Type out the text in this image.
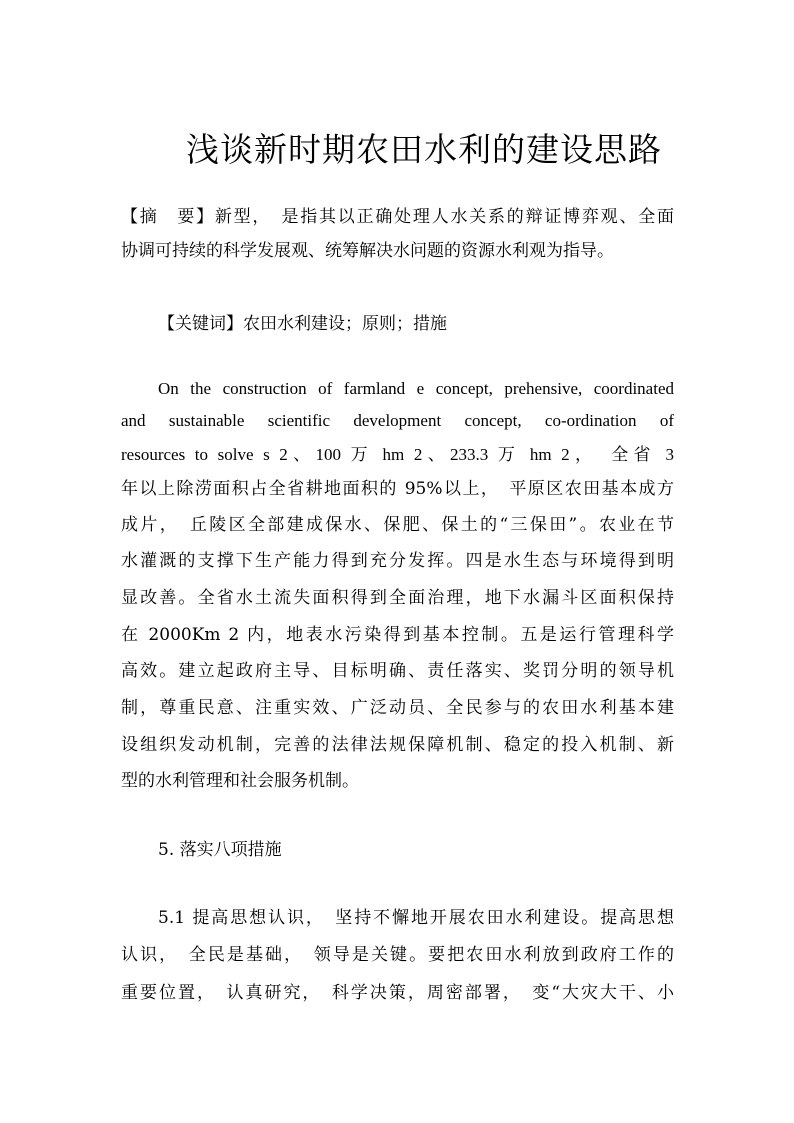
浅谈新时期农田水利的建设思路
【摘　要】新型，　是指其以正确处理人水关系的辩证博弈观、全面
协调可持续的科学发展观、统筹解决水问题的资源水利观为指导。
【关键词】农田水利建设；原则；措施
On the construction of farmland e concept, prehensive, coordinated
and sustainable scientific development concept, co-ordination of
resources to solve s 2、100 万 hm 2、233.3 万 hm 2，　全省 3
年以上除涝面积占全省耕地面积的 95%以上，　平原区农田基本成方
成片，　丘陵区全部建成保水、保肥、保土的“三保田”。农业在节
水灌溉的支撑下生产能力得到充分发挥。四是水生态与环境得到明
显改善。全省水土流失面积得到全面治理，地下水漏斗区面积保持
在 2000Km 2 内，地表水污染得到基本控制。五是运行管理科学
高效。建立起政府主导、目标明确、责任落实、奖罚分明的领导机
制，尊重民意、注重实效、广泛动员、全民参与的农田水利基本建
设组织发动机制，完善的法律法规保障机制、稳定的投入机制、新
型的水利管理和社会服务机制。
5. 落实八项措施
5.1 提高思想认识，　坚持不懈地开展农田水利建设。提高思想
认识，　全民是基础，　领导是关键。要把农田水利放到政府工作的
重要位置，　认真研究，　科学决策，周密部署，　变“大灾大干、小
